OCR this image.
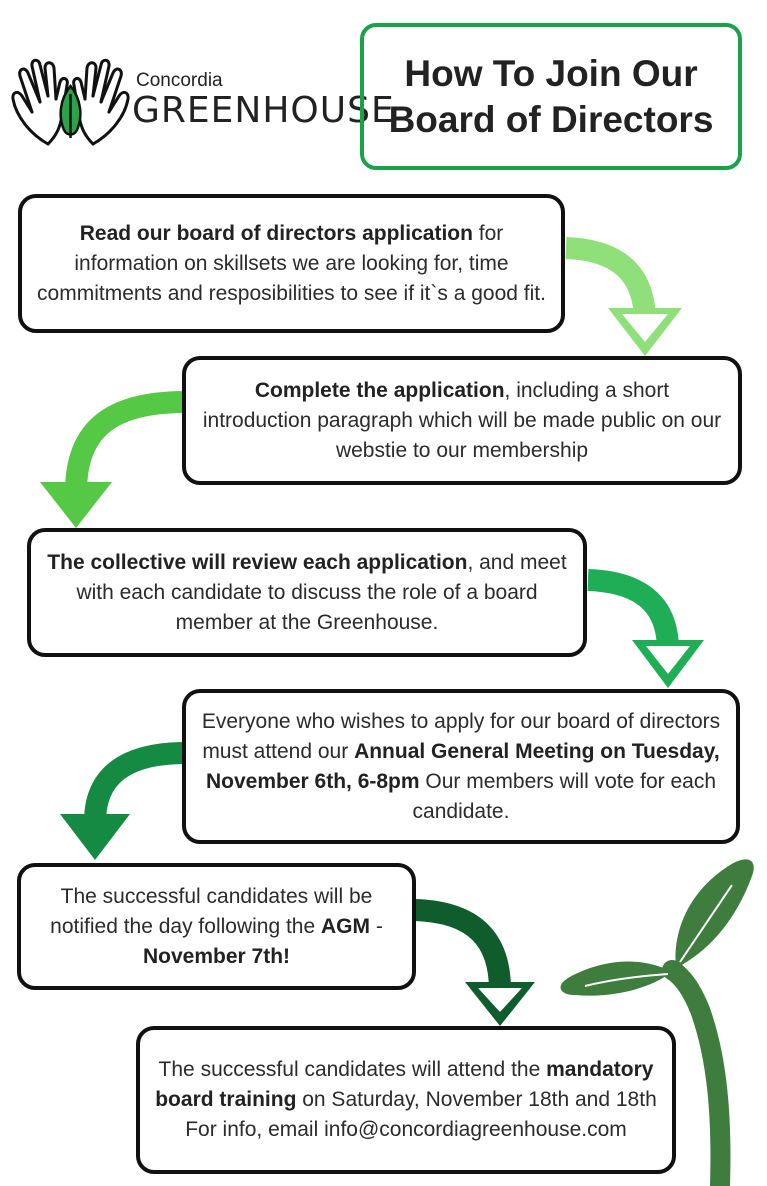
Concordia
GREENHOUSE
How To Join Our
Board of Directors
Read our board of directors application for information on skillsets we are looking for, time commitments and resposibilities to see if it`s a good fit.
Complete the application, including a short introduction paragraph which will be made public on our webstie to our membership
The collective will review each application, and meet with each candidate to discuss the role of a board member at the Greenhouse.
Everyone who wishes to apply for our board of directors must attend our Annual General Meeting on Tuesday, November 6th, 6-8pm Our members will vote for each candidate.
The successful candidates will be notified the day following the AGM - November 7th!
The successful candidates will attend the mandatory board training on Saturday, November 18th and 18th
For info, email info@concordiagreenhouse.com
